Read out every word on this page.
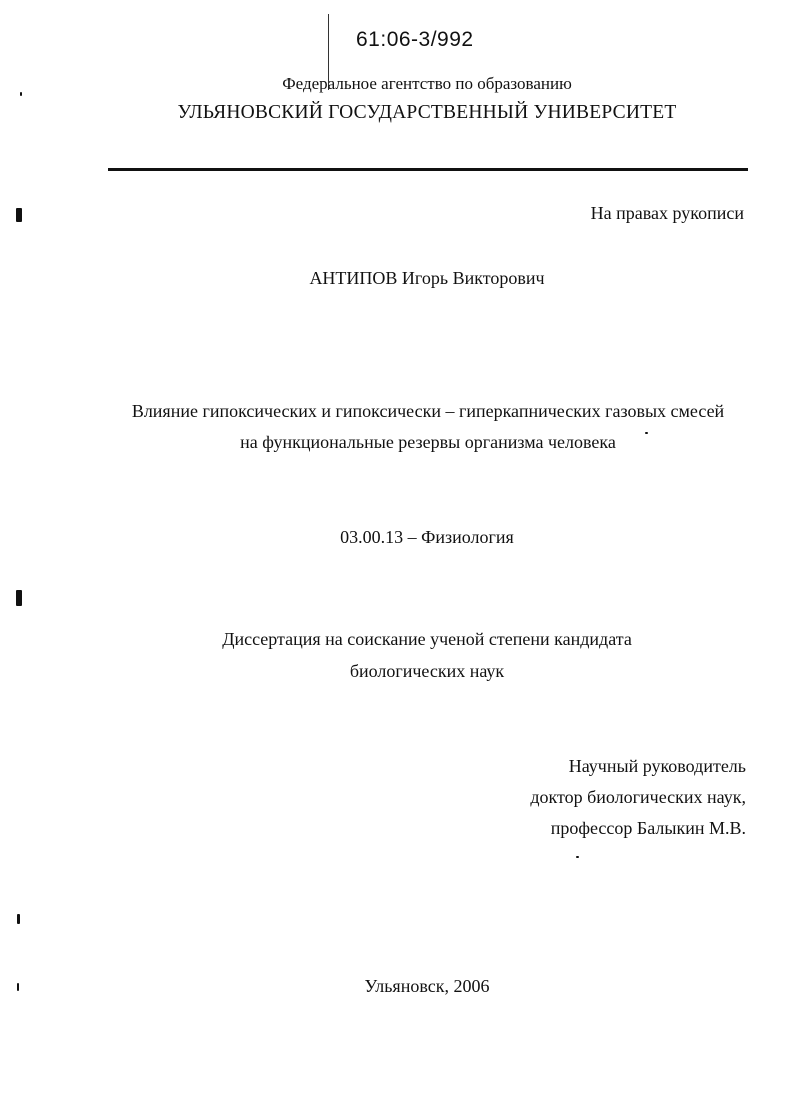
61:06-3/992
Федеральное агентство по образованию
УЛЬЯНОВСКИЙ ГОСУДАРСТВЕННЫЙ УНИВЕРСИТЕТ
На правах рукописи
АНТИПОВ Игорь Викторович
Влияние гипоксических и гипоксически – гиперкапнических газовых смесей
на функциональные резервы организма человека
03.00.13 – Физиология
Диссертация на соискание ученой степени кандидата
биологических наук
Научный руководитель
доктор биологических наук,
профессор Балыкин М.В.
Ульяновск, 2006
